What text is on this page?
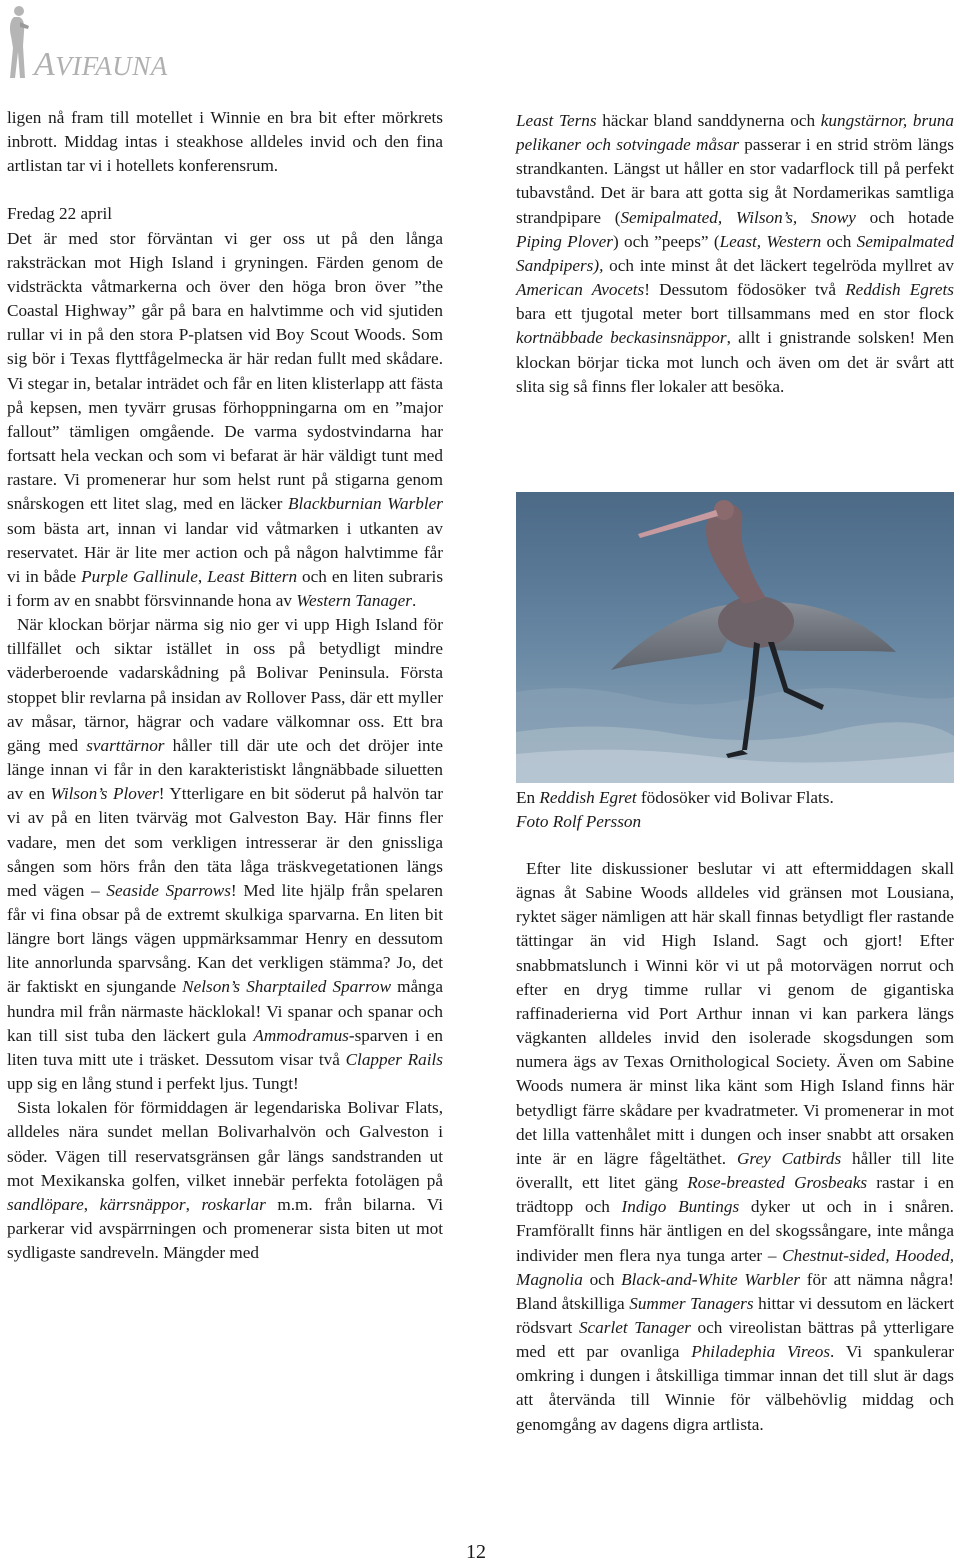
AVIFAUNA

ligen nå fram till motellet i Winnie en bra bit efter mörkrets inbrott. Middag intas i steakhose alldeles invid och den fina artlistan tar vi i hotellets konferensrum.

Fredag 22 april

Det är med stor förväntan vi ger oss ut på den långa raksträckan mot High Island i gryningen. Färden genom de vidsträckta våtmarkerna och över den höga bron över ”the Coastal Highway” går på bara en halvtimme och vid sjutiden rullar vi in på den stora P-platsen vid Boy Scout Woods. Som sig bör i Texas flyttfågelmecka är här redan fullt med skådare. Vi stegar in, betalar inträdet och får en liten klisterlapp att fästa på kepsen, men tyvärr grusas förhoppningarna om en ”major fallout” tämligen omgående. De varma sydostvindarna har fortsatt hela veckan och som vi befarat är här väldigt tunt med rastare. Vi promenerar hur som helst runt på stigarna genom snårskogen ett litet slag, med en läcker Blackburnian Warbler som bästa art, innan vi landar vid våtmarken i utkanten av reservatet. Här är lite mer action och på någon halvtimme får vi in både Purple Gallinule, Least Bittern och en liten subraris i form av en snabbt försvinnande hona av Western Tanager.

När klockan börjar närma sig nio ger vi upp High Island för tillfället och siktar istället in oss på betydligt mindre väderberoende vadarskådning på Bolivar Peninsula. Första stoppet blir revlarna på insidan av Rollover Pass, där ett myller av måsar, tärnor, hägrar och vadare välkomnar oss. Ett bra gäng med svarttärnor håller till där ute och det dröjer inte länge innan vi får in den karakteristiskt långnäbbade siluetten av en Wilson’s Plover! Ytterligare en bit söderut på halvön tar vi av på en liten tvärväg mot Galveston Bay. Här finns fler vadare, men det som verkligen intresserar är den gnissliga sången som hörs från den täta låga träskvegetationen längs med vägen – Seaside Sparrows! Med lite hjälp från spelaren får vi fina obsar på de extremt skulkiga sparvarna. En liten bit längre bort längs vägen uppmärksammar Henry en dessutom lite annorlunda sparvsång. Kan det verkligen stämma? Jo, det är faktiskt en sjungande Nelson’s Sharptailed Sparrow många hundra mil från närmaste häcklokal! Vi spanar och spanar och kan till sist tuba den läckert gula Ammodramus-sparven i en liten tuva mitt ute i träsket. Dessutom visar två Clapper Rails upp sig en lång stund i perfekt ljus. Tungt!

Sista lokalen för förmiddagen är legendariska Bolivar Flats, alldeles nära sundet mellan Bolivarhalvön och Galveston i söder. Vägen till reservatsgränsen går längs sandstranden ut mot Mexikanska golfen, vilket innebär perfekta fotolägen på sandlöpare, kärrsnäppor, roskarlar m.m. från bilarna. Vi parkerar vid avspärrningen och promenerar sista biten ut mot sydligaste sandreveln. Mängder med

Least Terns häckar bland sanddynerna och kungstärnor, bruna pelikaner och sotvingade måsar passerar i en strid ström längs strandkanten. Längst ut håller en stor vadarflock till på perfekt tubavstånd. Det är bara att gotta sig åt Nordamerikas samtliga strandpipare (Semipalmated, Wilson’s, Snowy och hotade Piping Plover) och ”peeps” (Least, Western och Semipalmated Sandpipers), och inte minst åt det läckert tegelröda myllret av American Avocets! Dessutom födosöker två Reddish Egrets bara ett tjugotal meter bort tillsammans med en stor flock kortnäbbade beckasinsnäppor, allt i gnistrande solsken! Men klockan börjar ticka mot lunch och även om det är svårt att slita sig så finns fler lokaler att besöka.

En Reddish Egret födosöker vid Bolivar Flats.
Foto Rolf Persson

Efter lite diskussioner beslutar vi att eftermiddagen skall ägnas åt Sabine Woods alldeles vid gränsen mot Lousiana, ryktet säger nämligen att här skall finnas betydligt fler rastande tättingar än vid High Island. Sagt och gjort! Efter snabbmatslunch i Winni kör vi ut på motorvägen norrut och efter en dryg timme rullar vi genom de gigantiska raffinaderierna vid Port Arthur innan vi kan parkera längs vägkanten alldeles invid den isolerade skogsdungen som numera ägs av Texas Ornithological Society. Även om Sabine Woods numera är minst lika känt som High Island finns här betydligt färre skådare per kvadratmeter. Vi promenerar in mot det lilla vattenhålet mitt i dungen och inser snabbt att orsaken inte är en lägre fågeltäthet. Grey Catbirds håller till lite överallt, ett litet gäng Rose-breasted Grosbeaks rastar i en trädtopp och Indigo Buntings dyker ut och in i snåren. Framförallt finns här äntligen en del skogssångare, inte många individer men flera nya tunga arter – Chestnut-sided, Hooded, Magnolia och Black-and-White Warbler för att nämna några! Bland åtskilliga Summer Tanagers hittar vi dessutom en läckert rödsvart Scarlet Tanager och vireolistan bättras på ytterligare med ett par ovanliga Philadephia Vireos. Vi spankulerar omkring i dungen i åtskilliga timmar innan det till slut är dags att återvända till Winnie för välbehövlig middag och genomgång av dagens digra artlista.

12
